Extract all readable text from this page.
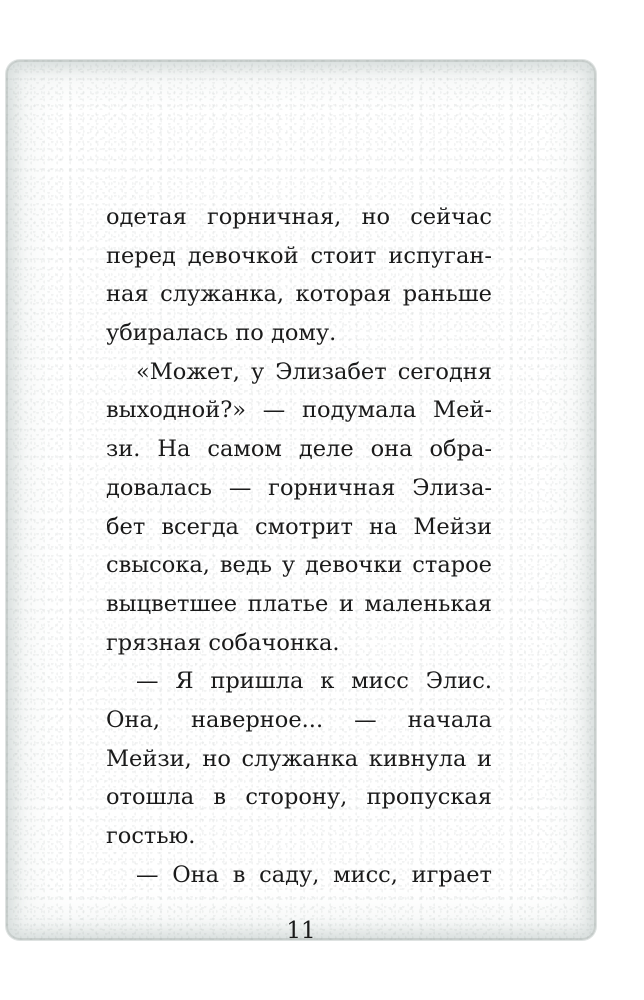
одетая горничная, но сейчас
перед девочкой стоит испуган-
ная служанка, которая раньше
убиралась по дому.
«Может, у Элизабет сегодня
выходной?» — подумала Мей-
зи. На самом деле она обра-
довалась — горничная Элиза-
бет всегда смотрит на Мейзи
свысока, ведь у девочки старое
выцветшее платье и маленькая
грязная собачонка.
— Я пришла к мисс Элис.
Она, наверное... — начала
Мейзи, но служанка кивнула и
отошла в сторону, пропуская
гостью.
— Она в саду, мисс, играет
11
